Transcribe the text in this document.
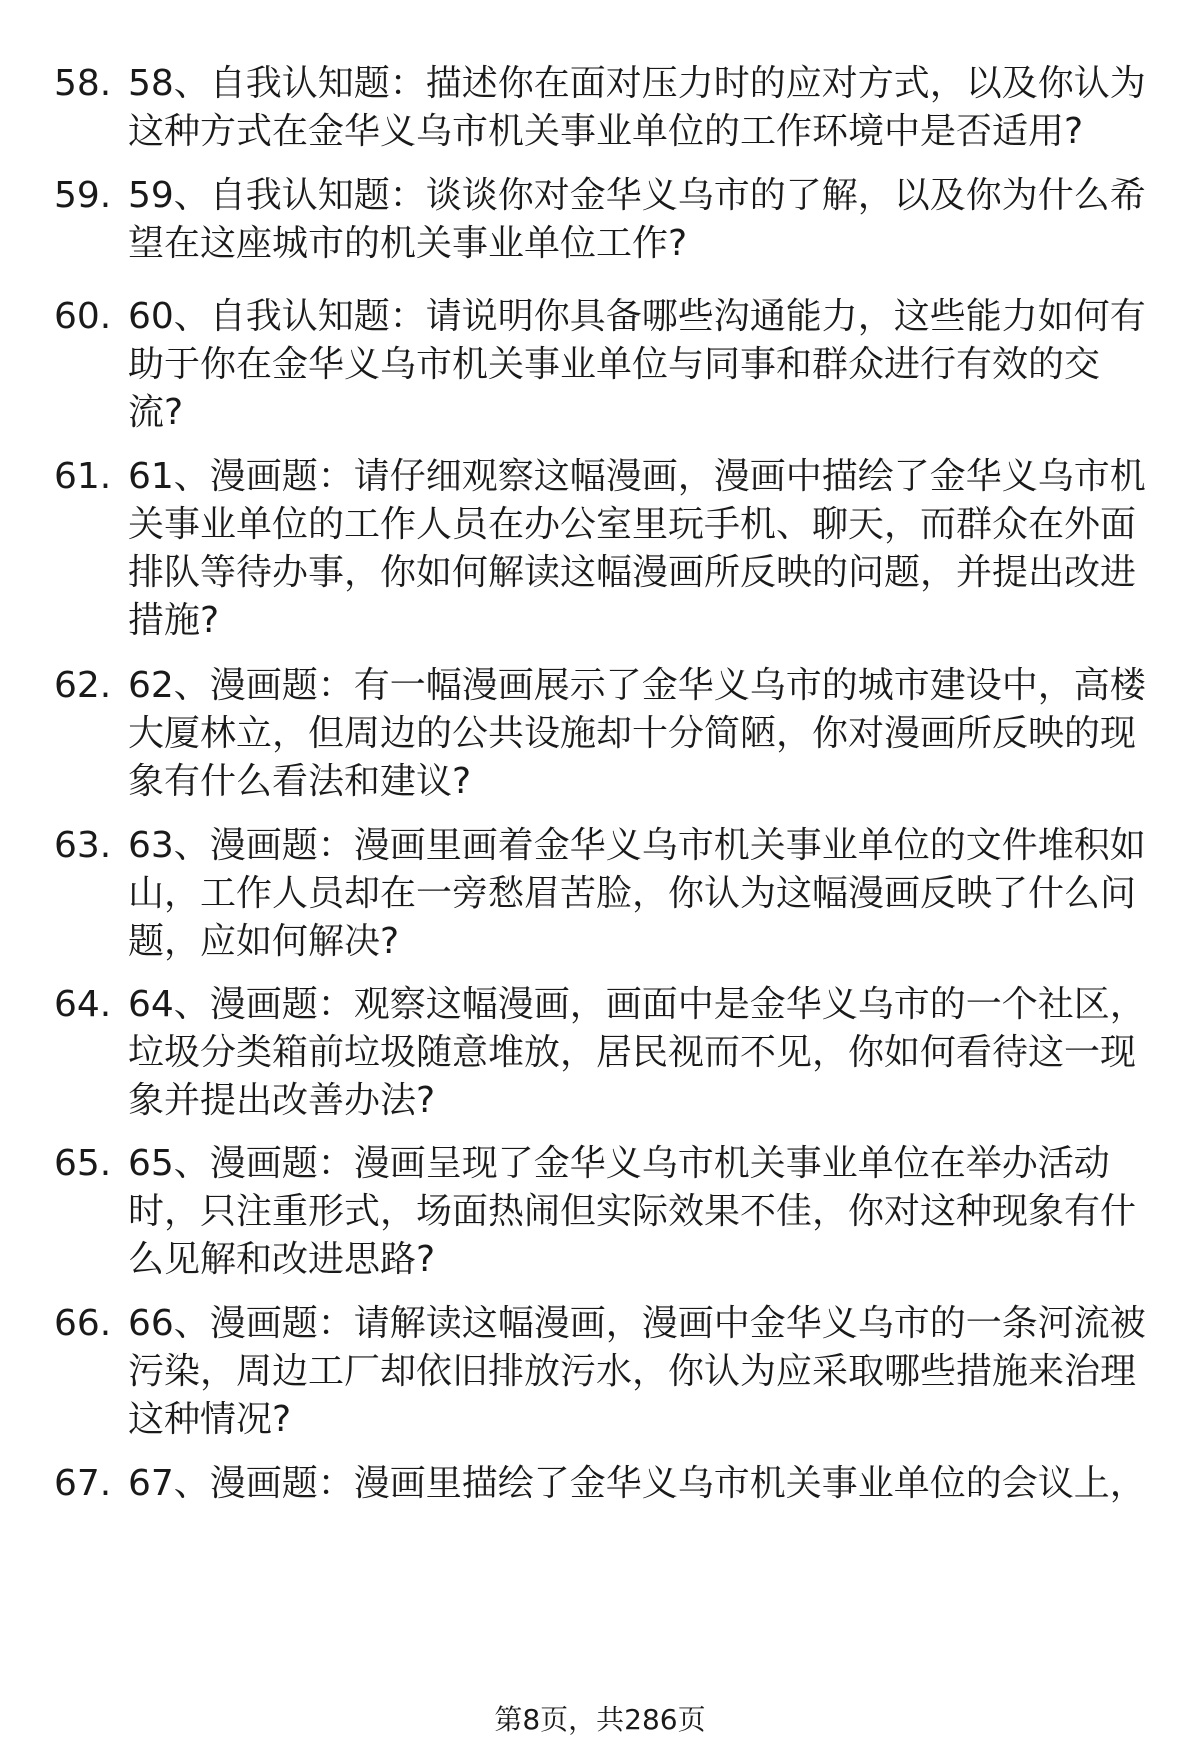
58. 58、自我认知题：描述你在面对压力时的应对方式，以及你认为
这种方式在金华义乌市机关事业单位的工作环境中是否适用?
59. 59、自我认知题：谈谈你对金华义乌市的了解，以及你为什么希
望在这座城市的机关事业单位工作?
60. 60、自我认知题：请说明你具备哪些沟通能力，这些能力如何有
助于你在金华义乌市机关事业单位与同事和群众进行有效的交
流?
61. 61、漫画题：请仔细观察这幅漫画，漫画中描绘了金华义乌市机
关事业单位的工作人员在办公室里玩手机、聊天，而群众在外面
排队等待办事，你如何解读这幅漫画所反映的问题，并提出改进
措施?
62. 62、漫画题：有一幅漫画展示了金华义乌市的城市建设中，高楼
大厦林立，但周边的公共设施却十分简陋，你对漫画所反映的现
象有什么看法和建议?
63. 63、漫画题：漫画里画着金华义乌市机关事业单位的文件堆积如
山，工作人员却在一旁愁眉苦脸，你认为这幅漫画反映了什么问
题，应如何解决?
64. 64、漫画题：观察这幅漫画，画面中是金华义乌市的一个社区，
垃圾分类箱前垃圾随意堆放，居民视而不见，你如何看待这一现
象并提出改善办法?
65. 65、漫画题：漫画呈现了金华义乌市机关事业单位在举办活动
时，只注重形式，场面热闹但实际效果不佳，你对这种现象有什
么见解和改进思路?
66. 66、漫画题：请解读这幅漫画，漫画中金华义乌市的一条河流被
污染，周边工厂却依旧排放污水，你认为应采取哪些措施来治理
这种情况?
67. 67、漫画题：漫画里描绘了金华义乌市机关事业单位的会议上，
第8页，共286页
